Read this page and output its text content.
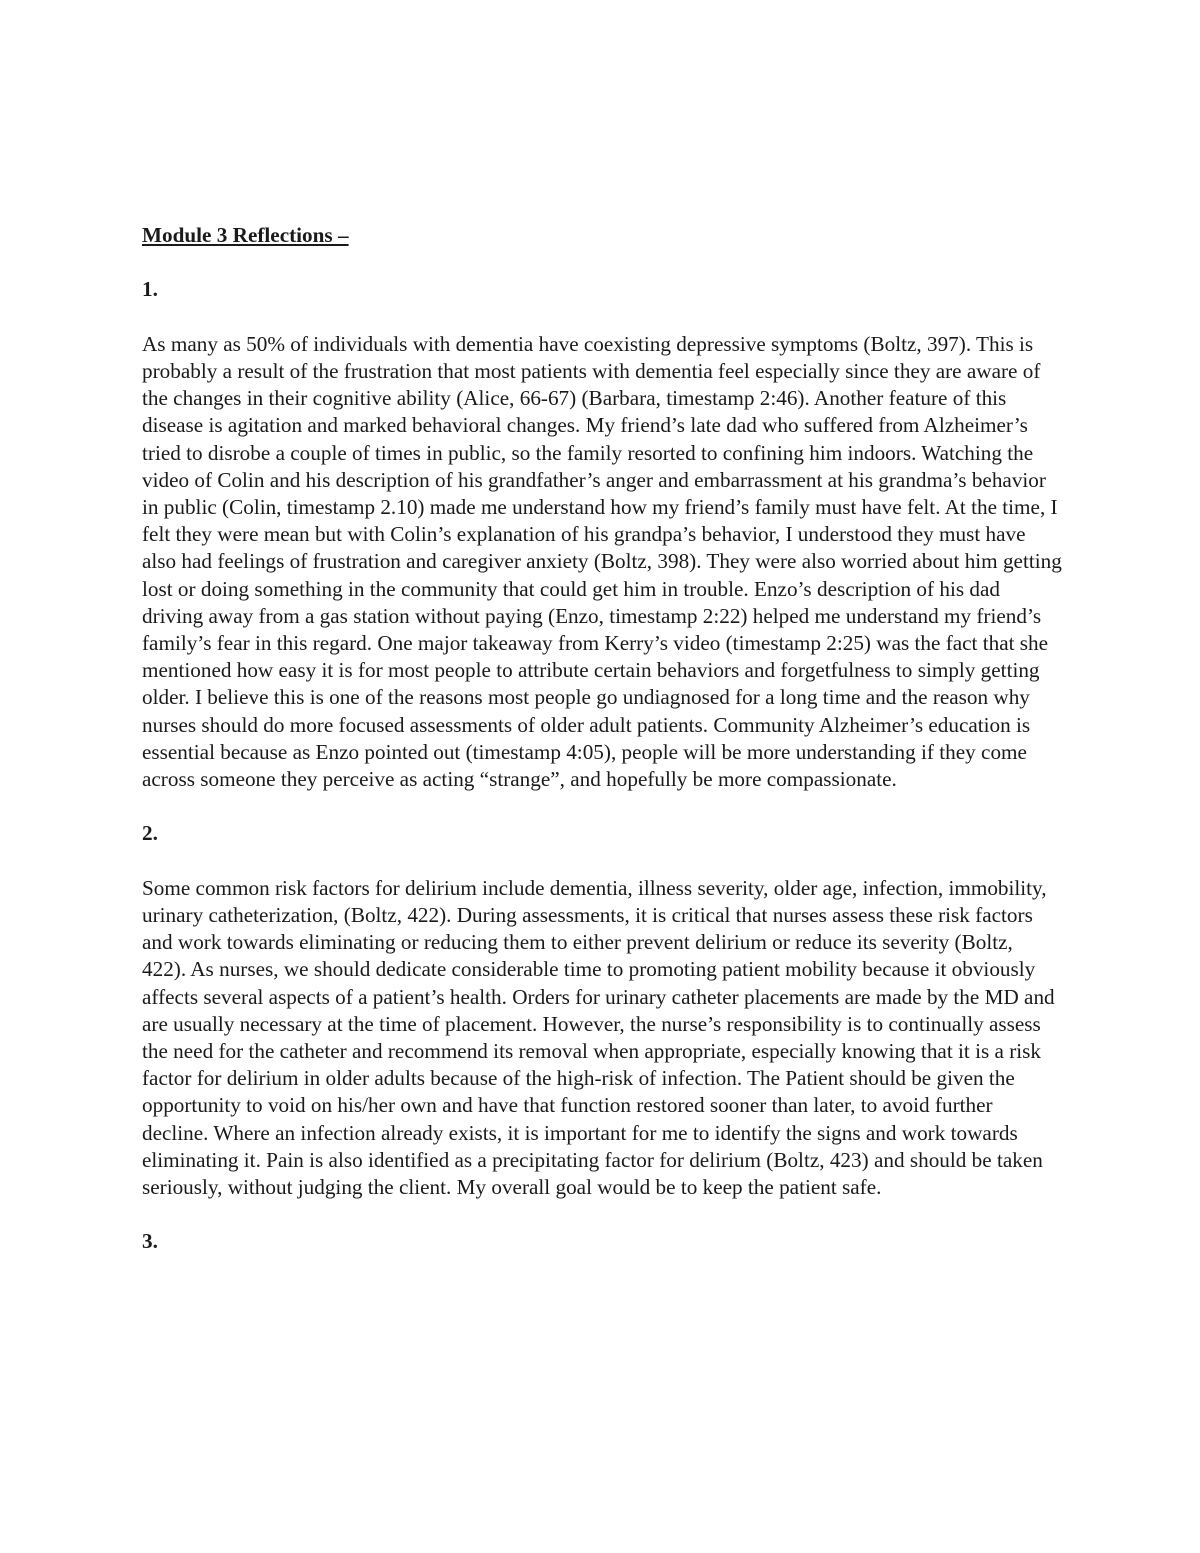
Module 3 Reflections –

1.

As many as 50% of individuals with dementia have coexisting depressive symptoms (Boltz, 397). This is probably a result of the frustration that most patients with dementia feel especially since they are aware of the changes in their cognitive ability (Alice, 66-67) (Barbara, timestamp 2:46). Another feature of this disease is agitation and marked behavioral changes. My friend’s late dad who suffered from Alzheimer’s tried to disrobe a couple of times in public, so the family resorted to confining him indoors. Watching the video of Colin and his description of his grandfather’s anger and embarrassment at his grandma’s behavior in public (Colin, timestamp 2.10) made me understand how my friend’s family must have felt. At the time, I felt they were mean but with Colin’s explanation of his grandpa’s behavior, I understood they must have also had feelings of frustration and caregiver anxiety (Boltz, 398). They were also worried about him getting lost or doing something in the community that could get him in trouble. Enzo’s description of his dad driving away from a gas station without paying (Enzo, timestamp 2:22) helped me understand my friend’s family’s fear in this regard. One major takeaway from Kerry’s video (timestamp 2:25) was the fact that she mentioned how easy it is for most people to attribute certain behaviors and forgetfulness to simply getting older. I believe this is one of the reasons most people go undiagnosed for a long time and the reason why nurses should do more focused assessments of older adult patients. Community Alzheimer’s education is essential because as Enzo pointed out (timestamp 4:05), people will be more understanding if they come across someone they perceive as acting “strange”, and hopefully be more compassionate.

2.

Some common risk factors for delirium include dementia, illness severity, older age, infection, immobility, urinary catheterization, (Boltz, 422). During assessments, it is critical that nurses assess these risk factors and work towards eliminating or reducing them to either prevent delirium or reduce its severity (Boltz, 422). As nurses, we should dedicate considerable time to promoting patient mobility because it obviously affects several aspects of a patient’s health. Orders for urinary catheter placements are made by the MD and are usually necessary at the time of placement. However, the nurse’s responsibility is to continually assess the need for the catheter and recommend its removal when appropriate, especially knowing that it is a risk factor for delirium in older adults because of the high-risk of infection. The Patient should be given the opportunity to void on his/her own and have that function restored sooner than later, to avoid further decline. Where an infection already exists, it is important for me to identify the signs and work towards eliminating it. Pain is also identified as a precipitating factor for delirium (Boltz, 423) and should be taken seriously, without judging the client. My overall goal would be to keep the patient safe.

3.
